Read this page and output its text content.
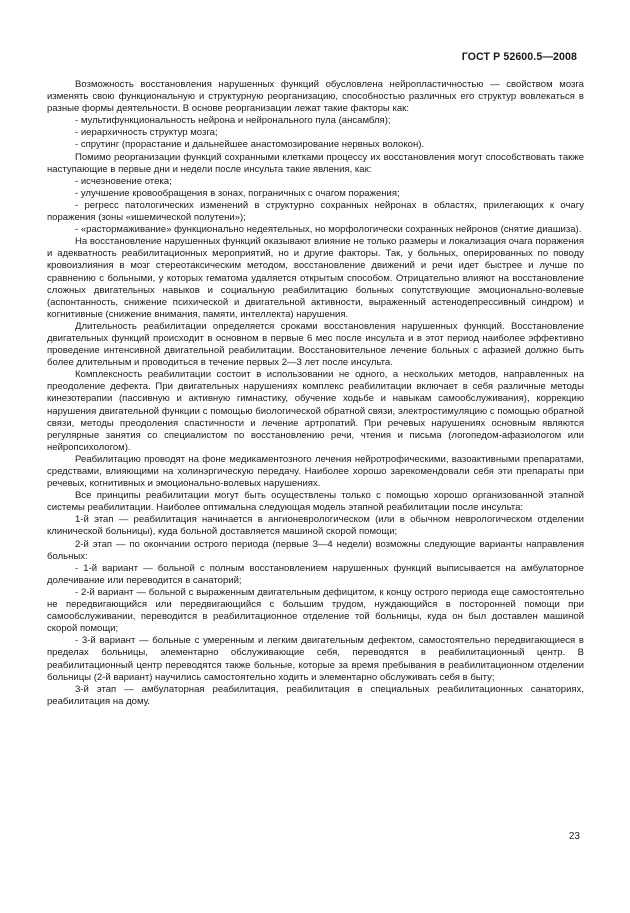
ГОСТ Р 52600.5—2008

Возможность восстановления нарушенных функций обусловлена нейропластичностью — свойством мозга изменять свою функциональную и структурную реорганизацию, способностью различных его структур вовлекаться в разные формы деятельности. В основе реорганизации лежат такие факторы как:

- мультифункциональность нейрона и нейронального пула (ансамбля);

- иерархичность структур мозга;

- спрутинг (прорастание и дальнейшее анастомозирование нервных волокон).

Помимо реорганизации функций сохранными клетками процессу их восстановления могут способствовать также наступающие в первые дни и недели после инсульта такие явления, как:

- исчезновение отека;

- улучшение кровообращения в зонах, пограничных с очагом поражения;

- регресс патологических изменений в структурно сохранных нейронах в областях, прилегающих к очагу поражения (зоны «ишемической полутени»);

- «растормаживание» функционально недеятельных, но морфологически сохранных нейронов (снятие диашиза).

На восстановление нарушенных функций оказывают влияние не только размеры и локализация очага поражения и адекватность реабилитационных мероприятий, но и другие факторы. Так, у больных, оперированных по поводу кровоизлияния в мозг стереотаксическим методом, восстановление движений и речи идет быстрее и лучше по сравнению с больными, у которых гематома удаляется открытым способом. Отрицательно влияют на восстановление сложных двигательных навыков и социальную реабилитацию больных сопутствующие эмоционально-волевые (аспонтанность, снижение психической и двигательной активности, выраженный астенодепрессивный синдром) и когнитивные (снижение внимания, памяти, интеллекта) нарушения.

Длительность реабилитации определяется сроками восстановления нарушенных функций. Восстановление двигательных функций происходит в основном в первые 6 мес после инсульта и в этот период наиболее эффективно проведение интенсивной двигательной реабилитации. Восстановительное лечение больных с афазией должно быть более длительным и проводиться в течение первых 2—3 лет после инсульта.

Комплексность реабилитации состоит в использовании не одного, а нескольких методов, направленных на преодоление дефекта. При двигательных нарушениях комплекс реабилитации включает в себя различные методы кинезотерапии (пассивную и активную гимнастику, обучение ходьбе и навыкам самообслуживания), коррекцию нарушения двигательной функции с помощью биологической обратной связи, электростимуляцию с помощью обратной связи, методы преодоления спастичности и лечение артропатий. При речевых нарушениях основным являются регулярные занятия со специалистом по восстановлению речи, чтения и письма (логопедом-афазиологом или нейропсихологом).

Реабилитацию проводят на фоне медикаментозного лечения нейротрофическими, вазоактивными препаратами, средствами, влияющими на холинэргическую передачу. Наиболее хорошо зарекомендовали себя эти препараты при речевых, когнитивных и эмоционально-волевых нарушениях.

Все принципы реабилитации могут быть осуществлены только с помощью хорошо организованной этапной системы реабилитации. Наиболее оптимальна следующая модель этапной реабилитации после инсульта:

1-й этап — реабилитация начинается в ангионеврологическом (или в обычном неврологическом отделении клинической больницы), куда больной доставляется машиной скорой помощи;

2-й этап — по окончании острого периода (первые 3—4 недели) возможны следующие варианты направления больных:

- 1-й вариант — больной с полным восстановлением нарушенных функций выписывается на амбулаторное долечивание или переводится в санаторий;

- 2-й вариант — больной с выраженным двигательным дефицитом, к концу острого периода еще самостоятельно не передвигающийся или передвигающийся с большим трудом, нуждающийся в посторонней помощи при самообслуживании, переводится в реабилитационное отделение той больницы, куда он был доставлен машиной скорой помощи;

- 3-й вариант — больные с умеренным и легким двигательным дефектом, самостоятельно передвигающиеся в пределах больницы, элементарно обслуживающие себя, переводятся в реабилитационный центр. В реабилитационный центр переводятся также больные, которые за время пребывания в реабилитационном отделении больницы (2-й вариант) научились самостоятельно ходить и элементарно обслуживать себя в быту;

3-й этап — амбулаторная реабилитация, реабилитация в специальных реабилитационных санаториях, реабилитация на дому.

23
